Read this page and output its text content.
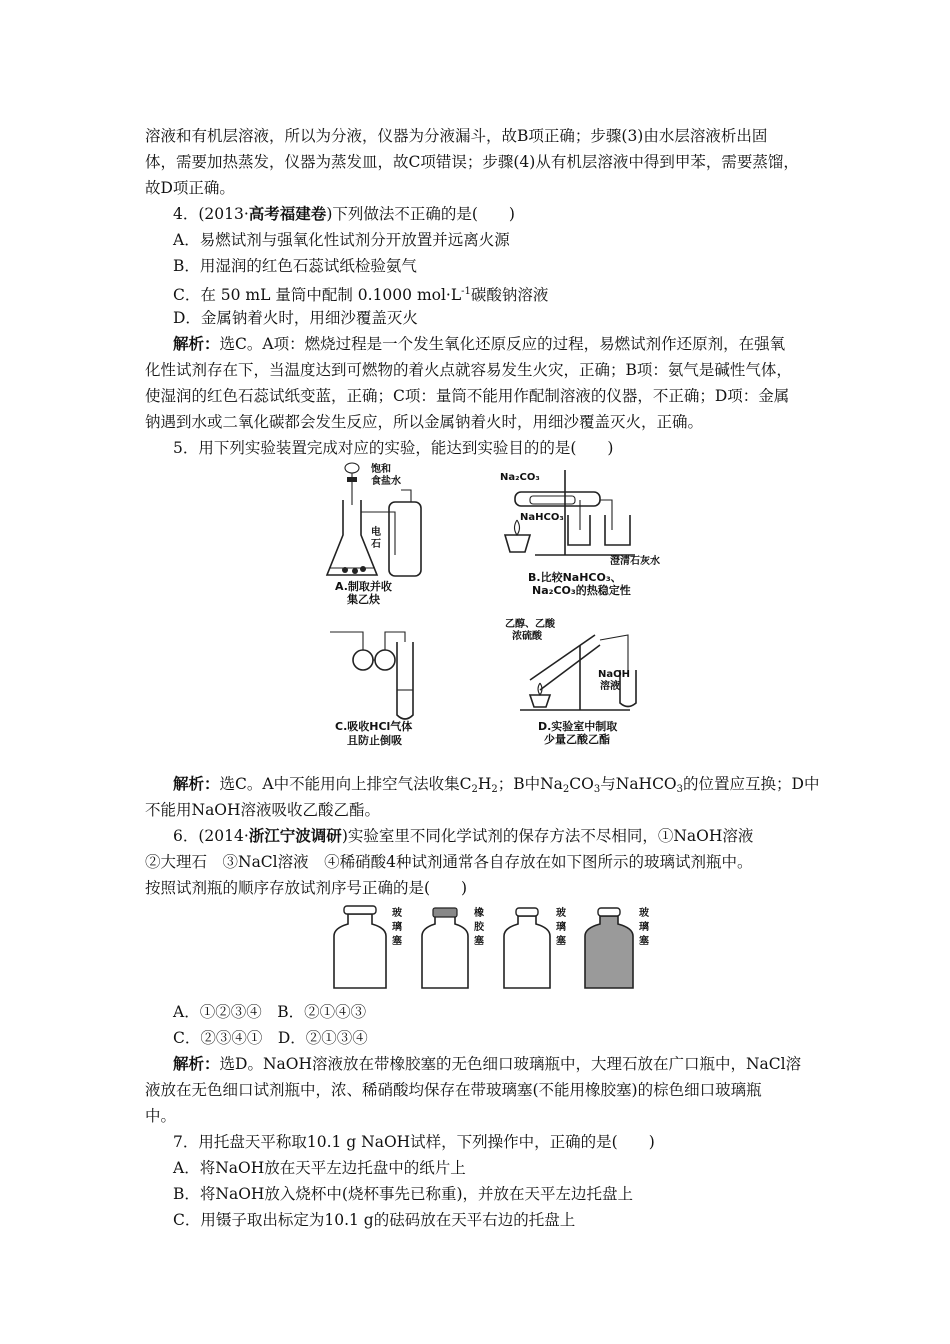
溶液和有机层溶液，所以为分液，仪器为分液漏斗，故B项正确；步骤(3)由水层溶液析出固
体，需要加热蒸发，仪器为蒸发皿，故C项错误；步骤(4)从有机层溶液中得到甲苯，需要蒸馏，
故D项正确。
4．(2013·高考福建卷)下列做法不正确的是(　　)
A．易燃试剂与强氧化性试剂分开放置并远离火源
B．用湿润的红色石蕊试纸检验氨气
C．在 50 mL 量筒中配制 0.1000 $mol\cdot L^{-1}$碳酸钠溶液
D．金属钠着火时，用细沙覆盖灭火
解析：选C。A项：燃烧过程是一个发生氧化还原反应的过程，易燃试剂作还原剂，在强氧
化性试剂存在下，当温度达到可燃物的着火点就容易发生火灾，正确；B项：氨气是碱性气体，
使湿润的红色石蕊试纸变蓝，正确；C项：量筒不能用作配制溶液的仪器，不正确；D项：金属
钠遇到水或二氧化碳都会发生反应，所以金属钠着火时，用细沙覆盖灭火，正确。
5．用下列实验装置完成对应的实验，能达到实验目的的是(　　)
饱和
食盐水
电
石
A.制取并收
集乙炔
Na₂CO₃
NaHCO₃
澄清石灰水
B.比较NaHCO₃、
Na₂CO₃的热稳定性
C.吸收HCl气体
且防止倒吸
乙醇、乙酸
浓硫酸
NaOH
溶液
D.实验室中制取
少量乙酸乙酯
解析：选C。A中不能用向上排空气法收集$C_2H_2$；B中$Na_2CO_3$与NaHCO$_3$的位置应互换；D中
不能用NaOH溶液吸收乙酸乙酯。
6．(2014·浙江宁波调研)实验室里不同化学试剂的保存方法不尽相同，①NaOH溶液
②大理石　③NaCl溶液　④稀硝酸4种试剂通常各自存放在如下图所示的玻璃试剂瓶中。
按照试剂瓶的顺序存放试剂序号正确的是(　　)
玻
璃
塞
橡
胶
塞
玻
璃
塞
玻
璃
塞
A．①②③④　B．②①④③
C．②③④①　D．②①③④
解析：选D。NaOH溶液放在带橡胶塞的无色细口玻璃瓶中，大理石放在广口瓶中，NaCl溶
液放在无色细口试剂瓶中，浓、稀硝酸均保存在带玻璃塞(不能用橡胶塞)的棕色细口玻璃瓶
中。
7．用托盘天平称取10.1 g NaOH试样，下列操作中，正确的是(　　)
A．将NaOH放在天平左边托盘中的纸片上
B．将NaOH放入烧杯中(烧杯事先已称重)，并放在天平左边托盘上
C．用镊子取出标定为10.1 g的砝码放在天平右边的托盘上
